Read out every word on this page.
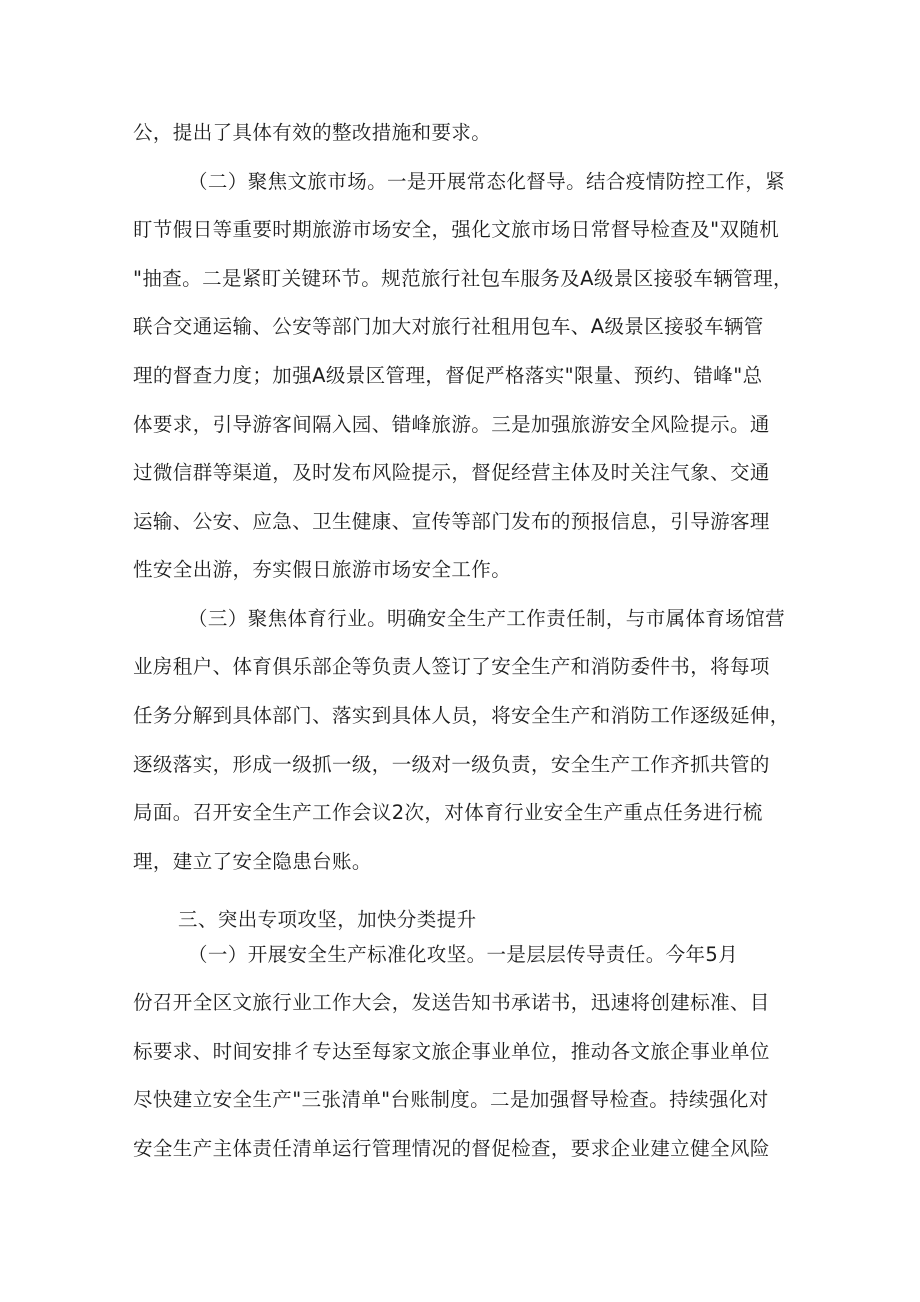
公，提出了具体有效的整改措施和要求。
（二）聚焦文旅市场。一是开展常态化督导。结合疫情防控工作，紧
盯节假日等重要时期旅游市场安全，强化文旅市场日常督导检查及"双随机
"抽查。二是紧盯关键环节。规范旅行社包车服务及A级景区接驳车辆管理，
联合交通运输、公安等部门加大对旅行社租用包车、A级景区接驳车辆管
理的督查力度；加强A级景区管理，督促严格落实"限量、预约、错峰"总
体要求，引导游客间隔入园、错峰旅游。三是加强旅游安全风险提示。通
过微信群等渠道，及时发布风险提示，督促经营主体及时关注气象、交通
运输、公安、应急、卫生健康、宣传等部门发布的预报信息，引导游客理
性安全出游，夯实假日旅游市场安全工作。
（三）聚焦体育行业。明确安全生产工作责任制，与市属体育场馆营
业房租户、体育俱乐部企等负责人签订了安全生产和消防委件书，将每项
任务分解到具体部门、落实到具体人员，将安全生产和消防工作逐级延伸，
逐级落实，形成一级抓一级，一级对一级负责，安全生产工作齐抓共管的
局面。召开安全生产工作会议2次，对体育行业安全生产重点任务进行梳
理，建立了安全隐患台账。
三、突出专项攻坚，加快分类提升
（一）开展安全生产标准化攻坚。一是层层传导责任。今年5月
份召开全区文旅行业工作大会，发送告知书承诺书，迅速将创建标准、目
标要求、时间安排彳专达至每家文旅企事业单位，推动各文旅企事业单位
尽快建立安全生产"三张清单"台账制度。二是加强督导检查。持续强化对
安全生产主体责任清单运行管理情况的督促检查，要求企业建立健全风险
